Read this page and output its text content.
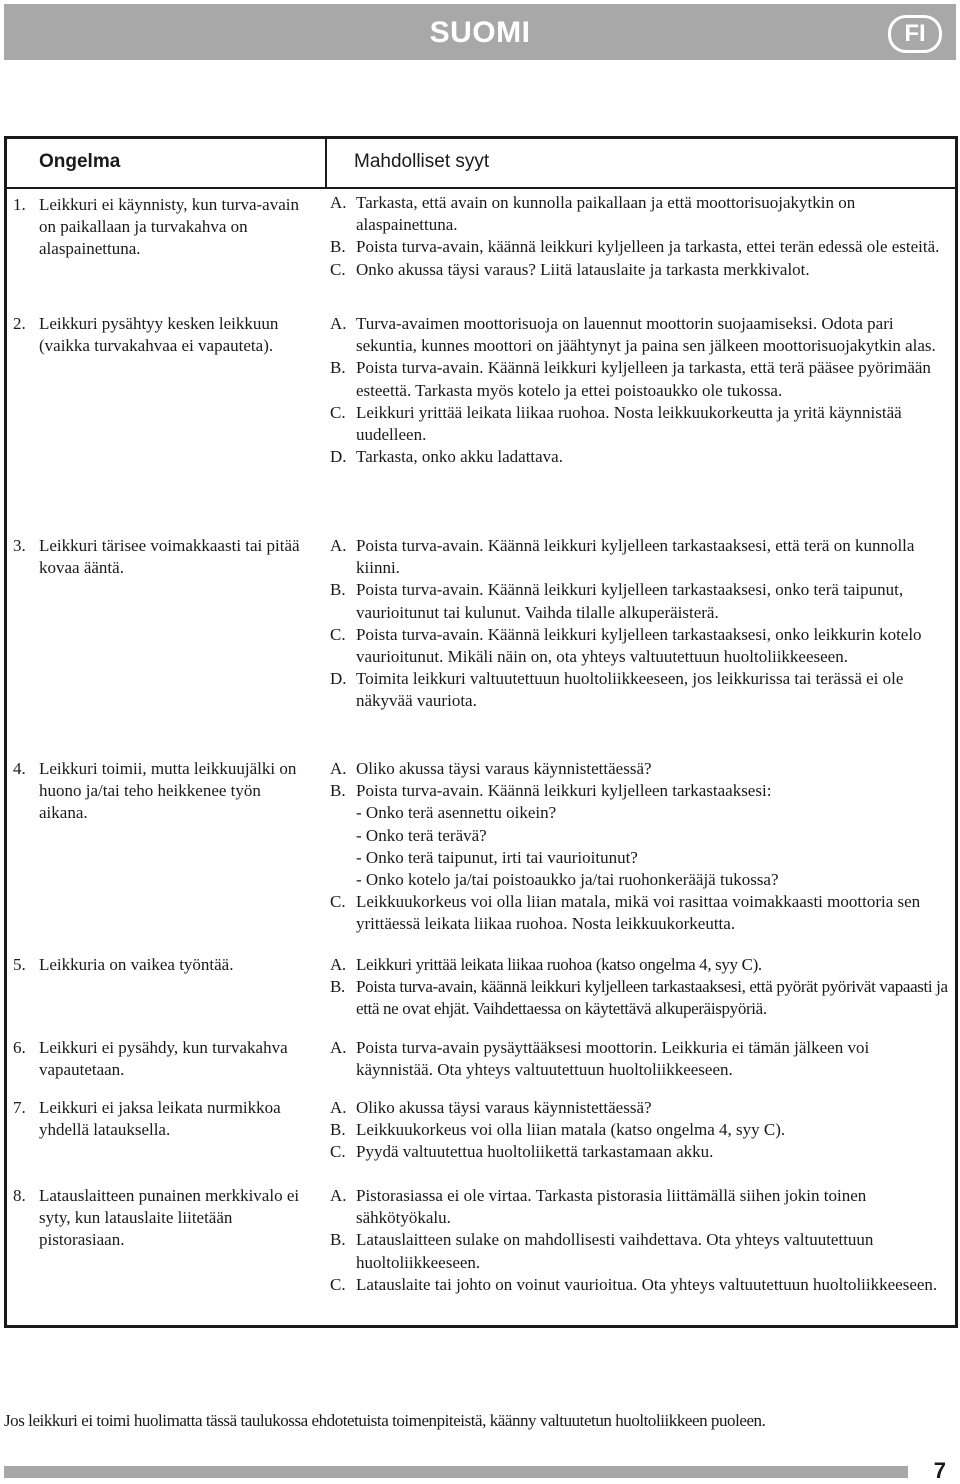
SUOMI	FI
Ongelma	Mahdolliset syyt
1. Leikkuri ei käynnisty, kun turva-avain on paikallaan ja turvakahva on alaspainettuna.
A. Tarkasta, että avain on kunnolla paikallaan ja että moottorisuojakytkin on alaspainettuna.
B. Poista turva-avain, käännä leikkuri kyljelleen ja tarkasta, ettei terän edessä ole esteitä.
C. Onko akussa täysi varaus? Liitä latauslaite ja tarkasta merkkivalot.
2. Leikkuri pysähtyy kesken leikkuun (vaikka turvakahvaa ei vapauteta).
A. Turva-avaimen moottorisuoja on lauennut moottorin suojaamiseksi. Odota pari sekuntia, kunnes moottori on jäähtynyt ja paina sen jälkeen moottorisuojakytkin alas.
B. Poista turva-avain. Käännä leikkuri kyljelleen ja tarkasta, että terä pääsee pyörimään esteettä. Tarkasta myös kotelo ja ettei poistoaukko ole tukossa.
C. Leikkuri yrittää leikata liikaa ruohoa. Nosta leikkuukorkeutta ja yritä käynnistää uudelleen.
D. Tarkasta, onko akku ladattava.
3. Leikkuri tärisee voimakkaasti tai pitää kovaa ääntä.
A. Poista turva-avain. Käännä leikkuri kyljelleen tarkastaaksesi, että terä on kunnolla kiinni.
B. Poista turva-avain. Käännä leikkuri kyljelleen tarkastaaksesi, onko terä taipunut, vaurioitunut tai kulunut. Vaihda tilalle alkuperäisterä.
C. Poista turva-avain. Käännä leikkuri kyljelleen tarkastaaksesi, onko leikkurin kotelo vaurioitunut. Mikäli näin on, ota yhteys valtuutettuun huoltoliikkeeseen.
D. Toimita leikkuri valtuutettuun huoltoliikkeeseen, jos leikkurissa tai terässä ei ole näkyvää vauriota.
4. Leikkuri toimii, mutta leikkuujälki on huono ja/tai teho heikkenee työn aikana.
A. Oliko akussa täysi varaus käynnistettäessä?
B. Poista turva-avain. Käännä leikkuri kyljelleen tarkastaaksesi:
- Onko terä asennettu oikein?
- Onko terä terävä?
- Onko terä taipunut, irti tai vaurioitunut?
- Onko kotelo ja/tai poistoaukko ja/tai ruohonkerääjä tukossa?
C. Leikkuukorkeus voi olla liian matala, mikä voi rasittaa voimakkaasti moottoria sen yrittäessä leikata liikaa ruohoa. Nosta leikkuukorkeutta.
5. Leikkuria on vaikea työntää.	A. Leikkuri yrittää leikata liikaa ruohoa (katso ongelma 4, syy C).
B. Poista turva-avain, käännä leikkuri kyljelleen tarkastaaksesi, että pyörät pyörivät vapaasti ja että ne ovat ehjät. Vaihdettaessa on käytettävä alkuperäispyöriä.
6. Leikkuri ei pysähdy, kun turvakahva vapautetaan.
A. Poista turva-avain pysäyttääksesi moottorin. Leikkuria ei tämän jälkeen voi käynnistää. Ota yhteys valtuutettuun huoltoliikkeeseen.
7. Leikkuri ei jaksa leikata nurmikkoa yhdellä latauksella.
A. Oliko akussa täysi varaus käynnistettäessä?
B. Leikkuukorkeus voi olla liian matala (katso ongelma 4, syy C).
C. Pyydä valtuutettua huoltoliikettä tarkastamaan akku.
8. Latauslaitteen punainen merkkivalo ei syty, kun latauslaite liitetään pistorasiaan.
A. Pistorasiassa ei ole virtaa. Tarkasta pistorasia liittämällä siihen jokin toinen sähkötyökalu.
B. Latauslaitteen sulake on mahdollisesti vaihdettava. Ota yhteys valtuutettuun huoltoliikkeeseen.
C. Latauslaite tai johto on voinut vaurioitua. Ota yhteys valtuutettuun huoltoliikkeeseen.
Jos leikkuri ei toimi huolimatta tässä taulukossa ehdotetuista toimenpiteistä, käänny valtuutetun huoltoliikkeen puoleen.
7
